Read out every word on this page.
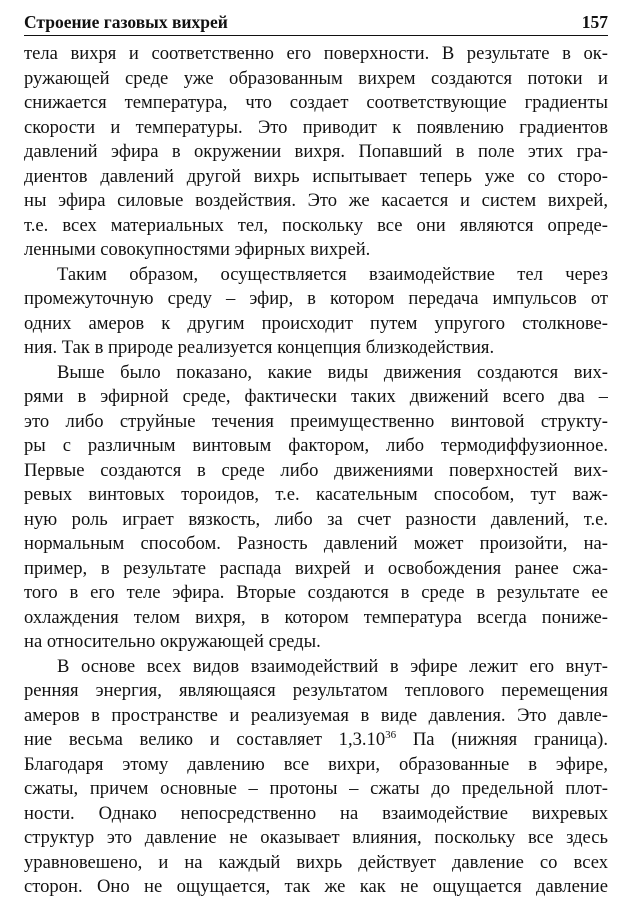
Строение газовых вихрей	157

тела вихря и соответственно его поверхности. В результате в ок-

ружающей среде уже образованным вихрем создаются потоки и

снижается температура, что создает соответствующие градиенты

скорости и температуры. Это приводит к появлению градиентов

давлений эфира в окружении вихря. Попавший в поле этих гра-

диентов давлений другой вихрь испытывает теперь уже со сторо-

ны эфира силовые воздействия. Это же касается и систем вихрей,

т.е. всех материальных тел, поскольку все они являются опреде-

ленными совокупностями эфирных вихрей.

Таким образом, осуществляется взаимодействие тел через

промежуточную среду – эфир, в котором передача импульсов от

одних амеров к другим происходит путем упругого столкнове-

ния. Так в природе реализуется концепция близкодействия.

Выше было показано, какие виды движения создаются вих-

рями в эфирной среде, фактически таких движений всего два –

это либо струйные течения преимущественно винтовой структу-

ры с различным винтовым фактором, либо термодиффузионное.

Первые создаются в среде либо движениями поверхностей вих-

ревых винтовых тороидов, т.е. касательным способом, тут важ-

ную роль играет вязкость, либо за счет разности давлений, т.е.

нормальным способом. Разность давлений может произойти, на-

пример, в результате распада вихрей и освобождения ранее сжа-

того в его теле эфира. Вторые создаются в среде в результате ее

охлаждения телом вихря, в котором температура всегда пониже-

на относительно окружающей среды.

В основе всех видов взаимодействий в эфире лежит его внут-

ренняя энергия, являющаяся результатом теплового перемещения

амеров в пространстве и реализуемая в виде давления. Это давле-

ние весьма велико и составляет 1,3.10$^{36}$ Па (нижняя граница).

Благодаря этому давлению все вихри, образованные в эфире,

сжаты, причем основные – протоны – сжаты до предельной плот-

ности. Однако непосредственно на взаимодействие вихревых

структур это давление не оказывает влияния, поскольку все здесь

уравновешено, и на каждый вихрь действует давление со всех

сторон. Оно не ощущается, так же как не ощущается давление
